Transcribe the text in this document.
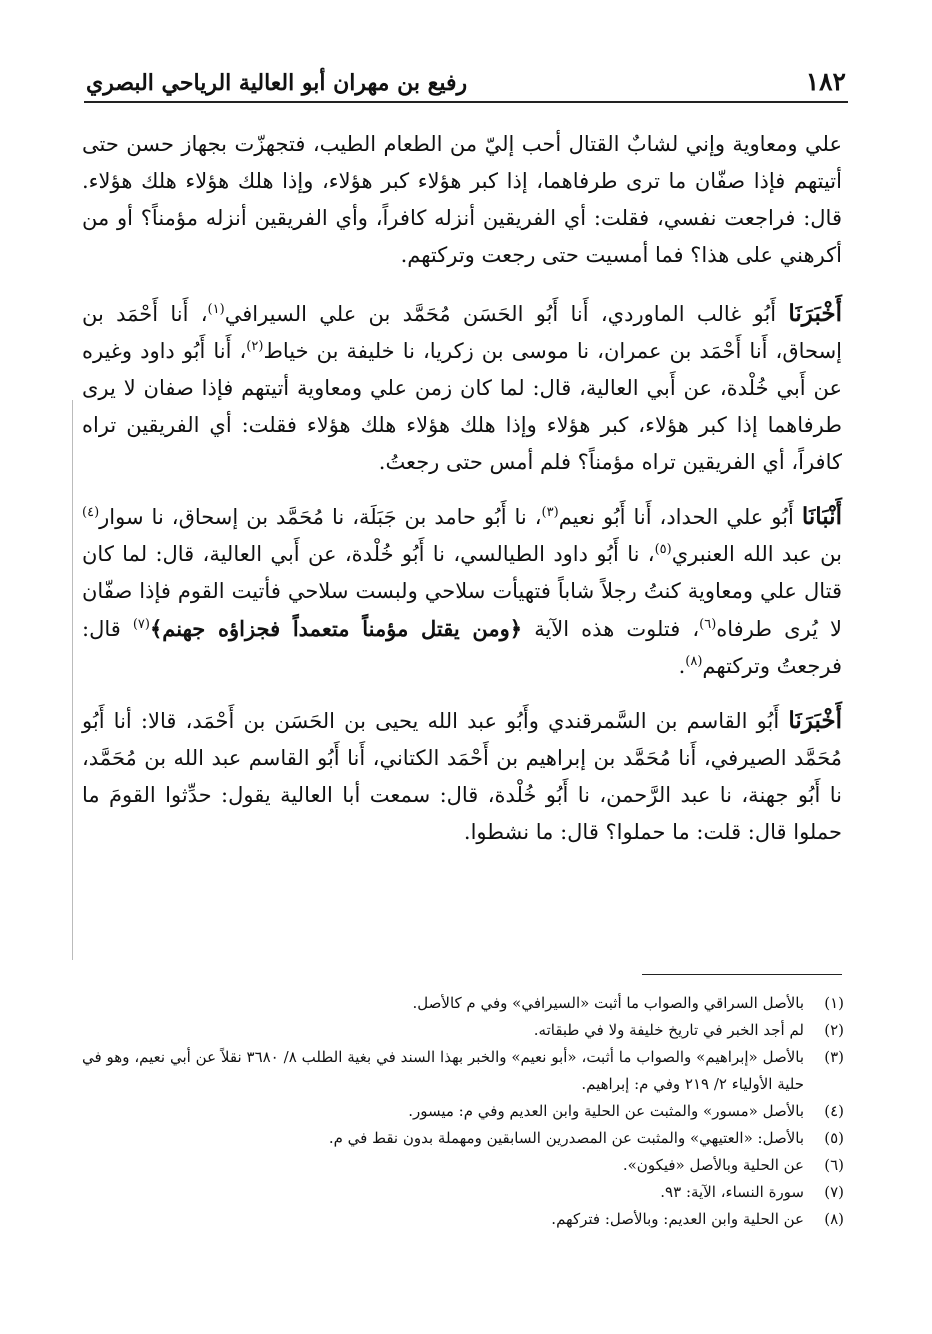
١٨٢
رفيع بن مهران أبو العالية الرياحي البصري

علي ومعاوية وإني لشابٌ القتال أحب إليّ من الطعام الطيب، فتجهزّت بجهاز حسن حتى أتيتهم فإذا صفّان ما ترى طرفاهما، إذا كبر هؤلاء كبر هؤلاء، وإذا هلك هؤلاء هلك هؤلاء. قال: فراجعت نفسي، فقلت: أي الفريقين أنزله كافراً، وأي الفريقين أنزله مؤمناً؟ أو من أكرهني على هذا؟ فما أمسيت حتى رجعت وتركتهم.

أَخْبَرَنَا أَبُو غالب الماوردي، أَنا أَبُو الحَسَن مُحَمَّد بن علي السيرافي$^{(١)}$، أَنا أَحْمَد بن إسحاق، أَنا أَحْمَد بن عمران، نا موسى بن زكريا، نا خليفة بن خياط$^{(٢)}$، أَنا أَبُو داود وغيره عن أَبي خُلْدة، عن أَبي العالية، قال: لما كان زمن علي ومعاوية أتيتهم فإذا صفان لا يرى طرفاهما إذا كبر هؤلاء، كبر هؤلاء وإذا هلك هؤلاء هلك هؤلاء فقلت: أي الفريقين تراه كافراً، أي الفريقين تراه مؤمناً؟ فلم أمس حتى رجعتُ.

أَنْبَانَا أَبُو علي الحداد، أَنا أَبُو نعيم$^{(٣)}$، نا أَبُو حامد بن جَبَلَة، نا مُحَمَّد بن إسحاق، نا سوار$^{(٤)}$ بن عبد الله العنبري$^{(٥)}$، نا أَبُو داود الطيالسي، نا أَبُو خُلْدة، عن أَبي العالية، قال: لما كان قتال علي ومعاوية كنتُ رجلاً شاباً فتهيأت سلاحي ولبست سلاحي فأتيت القوم فإذا صفّان لا يُرى طرفاه$^{(٦)}$، فتلوت هذه الآية ﴿ومن يقتل مؤمناً متعمداً فجزاؤه جهنم﴾$^{(٧)}$ قال: فرجعتُ وتركتهم$^{(٨)}$.

أَخْبَرَنَا أَبُو القاسم بن السَّمرقندي وأَبُو عبد الله يحيى بن الحَسَن بن أَحْمَد، قالا: أنا أَبُو مُحَمَّد الصيرفي، أَنا مُحَمَّد بن إبراهيم بن أَحْمَد الكتاني، أَنا أَبُو القاسم عبد الله بن مُحَمَّد، نا أَبُو جهنة، نا عبد الرَّحمن، نا أَبُو خُلْدة، قال: سمعت أبا العالية يقول: حدِّثوا القومَ ما حملوا قال: قلت: ما حملوا؟ قال: ما نشطوا.

(١)
بالأصل السراقي والصواب ما أثبت «السيرافي» وفي م كالأصل.

(٢)
لم أجد الخبر في تاريخ خليفة ولا في طبقاته.

(٣)
بالأصل «إبراهيم» والصواب ما أثبت، «أبو نعيم» والخبر بهذا السند في بغية الطلب ٨/ ٣٦٨٠ نقلاً عن أبي نعيم، وهو في حلية الأولياء ٢/ ٢١٩ وفي م: إبراهيم.

(٤)
بالأصل «مسور» والمثبت عن الحلية وابن العديم وفي م: ميسور.

(٥)
بالأصل: «العتيهي» والمثبت عن المصدرين السابقين ومهملة بدون نقط في م.

(٦)
عن الحلية وبالأصل «فيكون».

(٧)
سورة النساء، الآية: ٩٣.

(٨)
عن الحلية وابن العديم: وبالأصل: فتركهم.
